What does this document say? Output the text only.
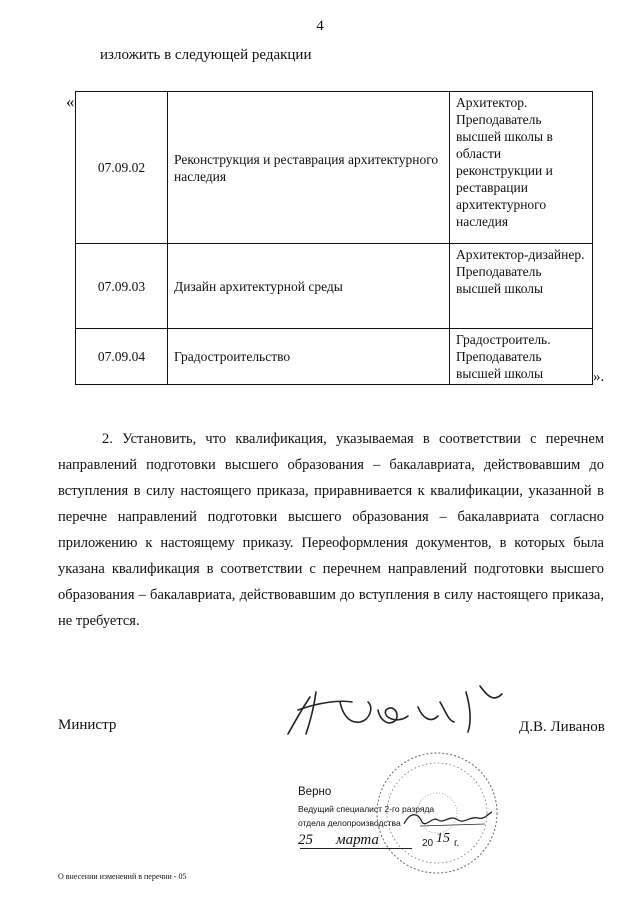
4
изложить в следующей редакции
«
07.09.02	Реконструкция и реставрация архитектурного наследия	Архитектор. Преподаватель высшей школы в области реконструкции и реставрации архитектурного наследия
07.09.03	Дизайн архитектурной среды	Архитектор-дизайнер. Преподаватель высшей школы
07.09.04	Градостроительство	Градостроитель. Преподаватель высшей школы	».
2. Установить, что квалификация, указываемая в соответствии с перечнем направлений подготовки высшего образования – бакалавриата, действовавшим до вступления в силу настоящего приказа, приравнивается к квалификации, указанной в перечне направлений подготовки высшего образования – бакалавриата согласно приложению к настоящему приказу. Переоформления документов, в которых была указана квалификация в соответствии с перечнем направлений подготовки высшего образования – бакалавриата, действовавшим до вступления в силу настоящего приказа, не требуется.
Министр	Д.В. Ливанов
Верно
Ведущий специалист 2-го разряда
отдела делопроизводства
25 марта	20 15 г.
О внесении изменений в перечни - 05
